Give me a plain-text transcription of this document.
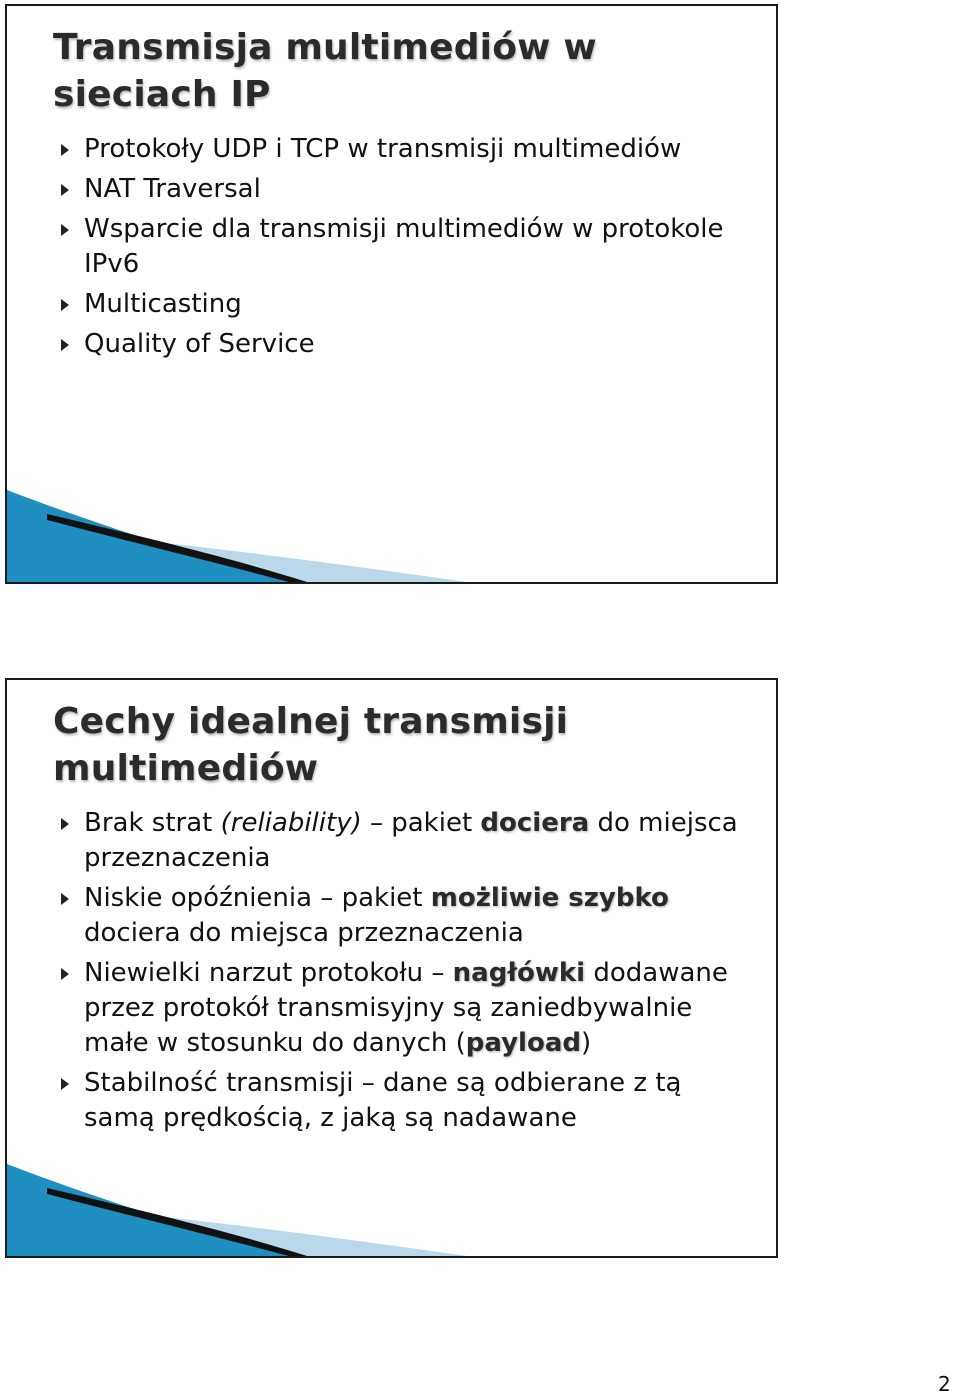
Transmisja multimediów w
sieciach IP
Protokoły UDP i TCP w transmisji multimediów
NAT Traversal
Wsparcie dla transmisji multimediów w protokole IPv6
Multicasting
Quality of Service
Cechy idealnej transmisji
multimediów
Brak strat (reliability) – pakiet dociera do miejsca przeznaczenia
Niskie opóźnienia – pakiet możliwie szybko dociera do miejsca przeznaczenia
Niewielki narzut protokołu – nagłówki dodawane przez protokół transmisyjny są zaniedbywalnie małe w stosunku do danych (payload)
Stabilność transmisji – dane są odbierane z tą samą prędkością, z jaką są nadawane
2
